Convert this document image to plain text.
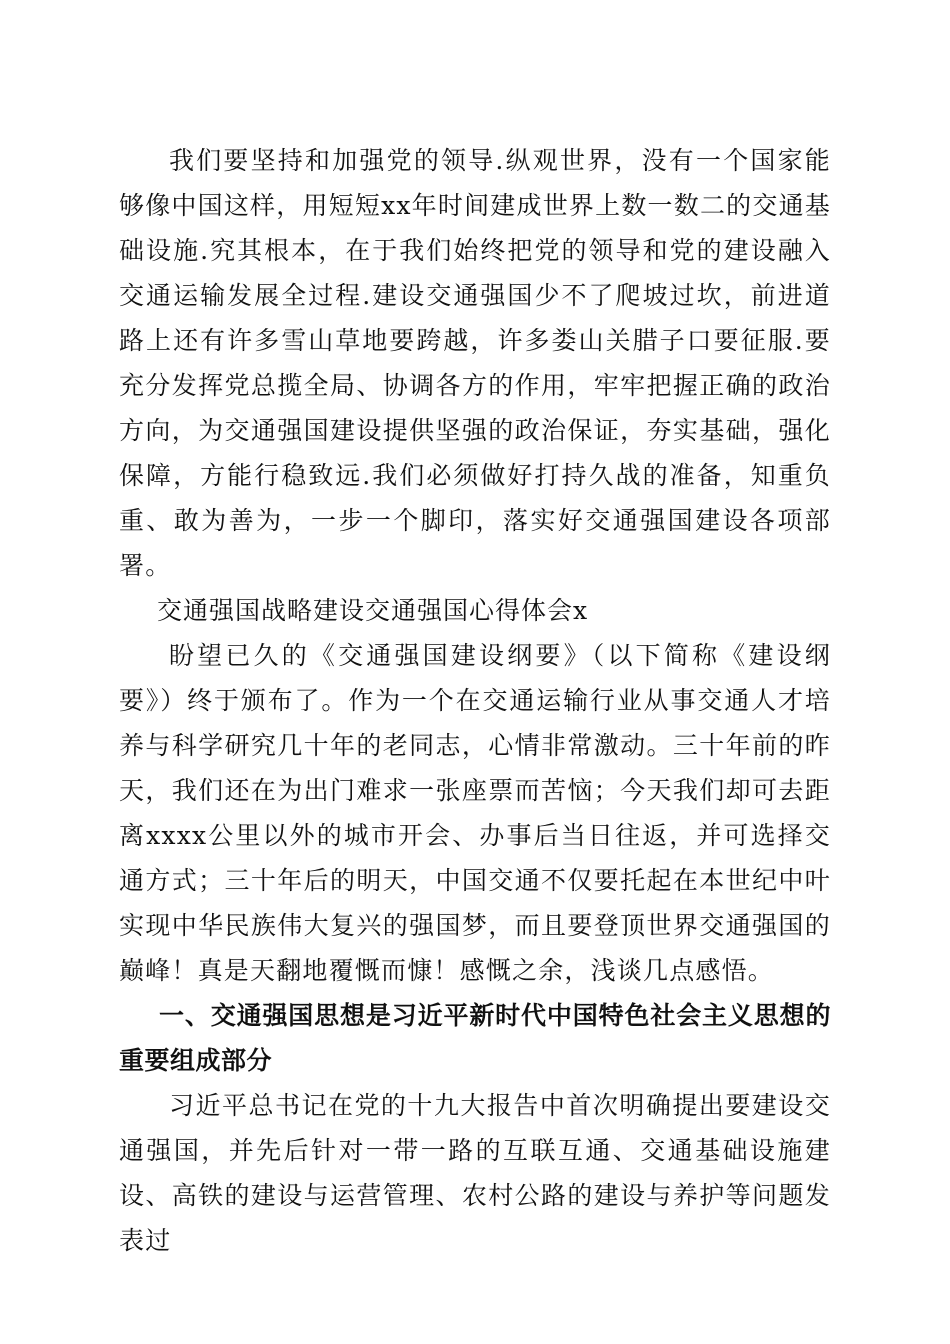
我们要坚持和加强党的领导.纵观世界，没有一个国家能够像中国这样，用短短xx年时间建成世界上数一数二的交通基础设施.究其根本，在于我们始终把党的领导和党的建设融入交通运输发展全过程.建设交通强国少不了爬坡过坎，前进道路上还有许多雪山草地要跨越，许多娄山关腊子口要征服.要充分发挥党总揽全局、协调各方的作用，牢牢把握正确的政治方向，为交通强国建设提供坚强的政治保证，夯实基础，强化保障，方能行稳致远.我们必须做好打持久战的准备，知重负重、敢为善为，一步一个脚印，落实好交通强国建设各项部署。

交通强国战略建设交通强国心得体会x

盼望已久的《交通强国建设纲要》（以下简称《建设纲要》）终于颁布了。作为一个在交通运输行业从事交通人才培养与科学研究几十年的老同志，心情非常激动。三十年前的昨天，我们还在为出门难求一张座票而苦恼；今天我们却可去距离xxxx公里以外的城市开会、办事后当日往返，并可选择交通方式；三十年后的明天，中国交通不仅要托起在本世纪中叶实现中华民族伟大复兴的强国梦，而且要登顶世界交通强国的巅峰！真是天翻地覆慨而慷！感慨之余，浅谈几点感悟。

一、交通强国思想是习近平新时代中国特色社会主义思想的重要组成部分

习近平总书记在党的十九大报告中首次明确提出要建设交通强国，并先后针对一带一路的互联互通、交通基础设施建设、高铁的建设与运营管理、农村公路的建设与养护等问题发表过
